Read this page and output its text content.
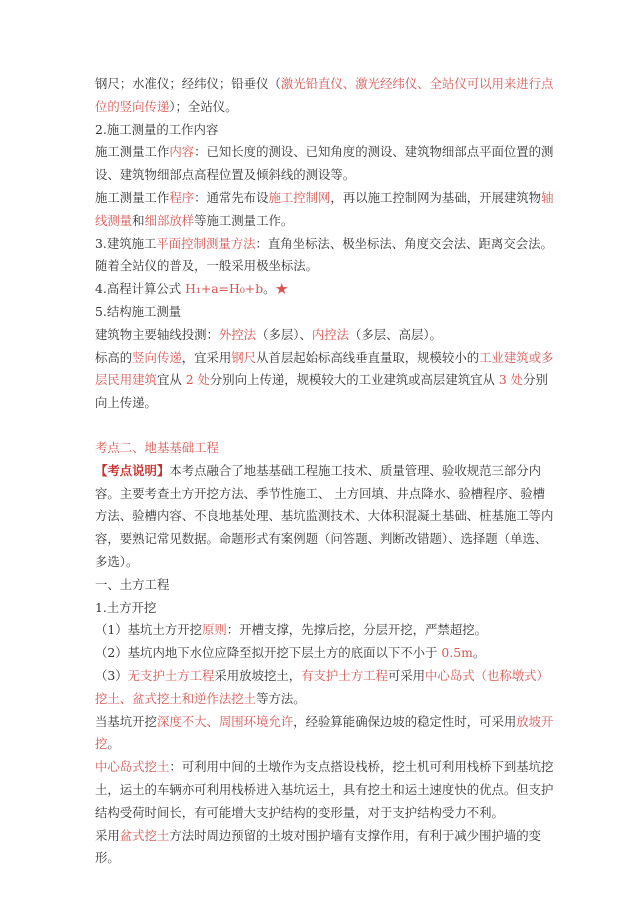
钢尺；水准仪；经纬仪；铅垂仪（激光铅直仪、激光经纬仪、全站仪可以用来进行点位的竖向传递）；全站仪。

2.施工测量的工作内容

施工测量工作内容：已知长度的测设、已知角度的测设、建筑物细部点平面位置的测设、建筑物细部点高程位置及倾斜线的测设等。

施工测量工作程序：通常先布设施工控制网，再以施工控制网为基础，开展建筑物轴线测量和细部放样等施工测量工作。

3.建筑施工平面控制测量方法：直角坐标法、极坐标法、角度交会法、距离交会法。随着全站仪的普及，一般采用极坐标法。

4.高程计算公式 H₁+a=H₀+b。★

5.结构施工测量

建筑物主要轴线投测：外控法（多层）、内控法（多层、高层）。

标高的竖向传递，宜采用钢尺从首层起始标高线垂直量取，规模较小的工业建筑或多层民用建筑宜从 2 处分别向上传递，规模较大的工业建筑或高层建筑宜从 3 处分别向上传递。

考点二、地基基础工程

【考点说明】本考点融合了地基基础工程施工技术、质量管理、验收规范三部分内容。主要考查土方开挖方法、季节性施工、 土方回填、井点降水、验槽程序、验槽方法、验槽内容、不良地基处理、基坑监测技术、大体积混凝土基础、桩基施工等内容，要熟记常见数据。命题形式有案例题（问答题、判断改错题）、选择题（单选、多选）。

一、土方工程

1.土方开挖

（1）基坑土方开挖原则：开槽支撑，先撑后挖，分层开挖，严禁超挖。

（2）基坑内地下水位应降至拟开挖下层土方的底面以下不小于 0.5m。

（3）无支护土方工程采用放坡挖土，有支护土方工程可采用中心岛式（也称墩式）挖土、盆式挖土和逆作法挖土等方法。

当基坑开挖深度不大、周围环境允许，经验算能确保边坡的稳定性时，可采用放坡开挖。

中心岛式挖土：可利用中间的土墩作为支点搭设栈桥，挖土机可利用栈桥下到基坑挖土，运土的车辆亦可利用栈桥进入基坑运土，具有挖土和运土速度快的优点。但支护结构受荷时间长，有可能增大支护结构的变形量，对于支护结构受力不利。

采用盆式挖土方法时周边预留的土坡对围护墙有支撑作用，有利于减少围护墙的变形。
